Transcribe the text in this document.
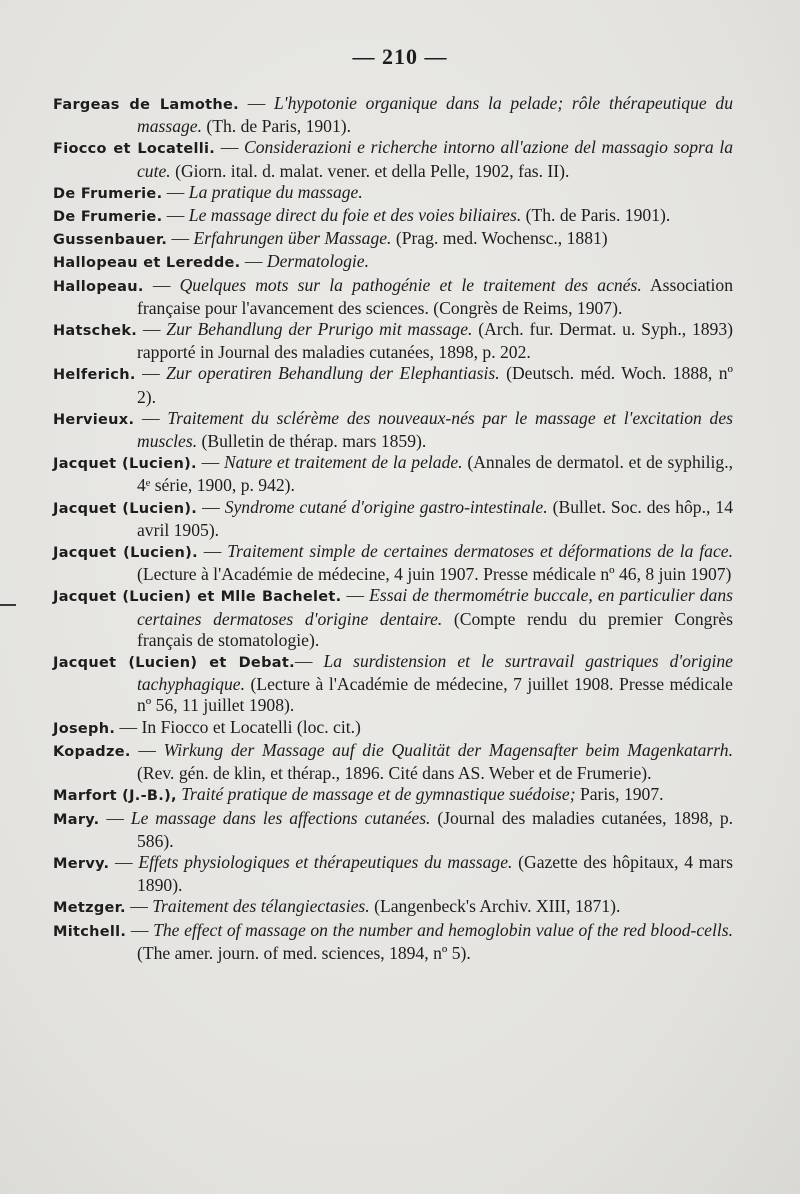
— 210 —
Fargeas de Lamothe. — L'hypotonie organique dans la pelade; rôle thérapeutique du massage. (Th. de Paris, 1901).
Fiocco et Locatelli. — Considerazioni e richerche intorno all'azione del massagio sopra la cute. (Giorn. ital. d. malat. vener. et della Pelle, 1902, fas. II).
De Frumerie. — La pratique du massage.
De Frumerie. — Le massage direct du foie et des voies biliaires. (Th. de Paris. 1901).
Gussenbauer. — Erfahrungen über Massage. (Prag. med. Wochensc., 1881)
Hallopeau et Leredde. — Dermatologie.
Hallopeau. — Quelques mots sur la pathogénie et le traitement des acnés. Association française pour l'avancement des sciences. (Congrès de Reims, 1907).
Hatschek. — Zur Behandlung der Prurigo mit massage. (Arch. fur. Dermat. u. Syph., 1893) rapporté in Journal des maladies cutanées, 1898, p. 202.
Helferich. — Zur operatiren Behandlung der Elephantiasis. (Deutsch. méd. Woch. 1888, nº 2).
Hervieux. — Traitement du sclérème des nouveaux-nés par le massage et l'excitation des muscles. (Bulletin de thérap. mars 1859).
Jacquet (Lucien). — Nature et traitement de la pelade. (Annales de dermatol. et de syphilig., 4ᵉ série, 1900, p. 942).
Jacquet (Lucien). — Syndrome cutané d'origine gastro-intestinale. (Bullet. Soc. des hôp., 14 avril 1905).
Jacquet (Lucien). — Traitement simple de certaines dermatoses et déformations de la face. (Lecture à l'Académie de médecine, 4 juin 1907. Presse médicale nº 46, 8 juin 1907)
Jacquet (Lucien) et Mlle Bachelet. — Essai de thermométrie buccale, en particulier dans certaines dermatoses d'origine dentaire. (Compte rendu du premier Congrès français de stomatologie).
Jacquet (Lucien) et Debat.— La surdistension et le surtravail gastriques d'origine tachyphagique. (Lecture à l'Académie de médecine, 7 juillet 1908. Presse médicale nº 56, 11 juillet 1908).
Joseph. — In Fiocco et Locatelli (loc. cit.)
Kopadze. — Wirkung der Massage auf die Qualität der Magensafter beim Magenkatarrh. (Rev. gén. de klin, et thérap., 1896. Cité dans AS. Weber et de Frumerie).
Marfort (J.-B.), Traité pratique de massage et de gymnastique suédoise; Paris, 1907.
Mary. — Le massage dans les affections cutanées. (Journal des maladies cutanées, 1898, p. 586).
Mervy. — Effets physiologiques et thérapeutiques du massage. (Gazette des hôpitaux, 4 mars 1890).
Metzger. — Traitement des télangiectasies. (Langenbeck's Archiv. XIII, 1871).
Mitchell. — The effect of massage on the number and hemoglobin value of the red blood-cells. (The amer. journ. of med. sciences, 1894, nº 5).
